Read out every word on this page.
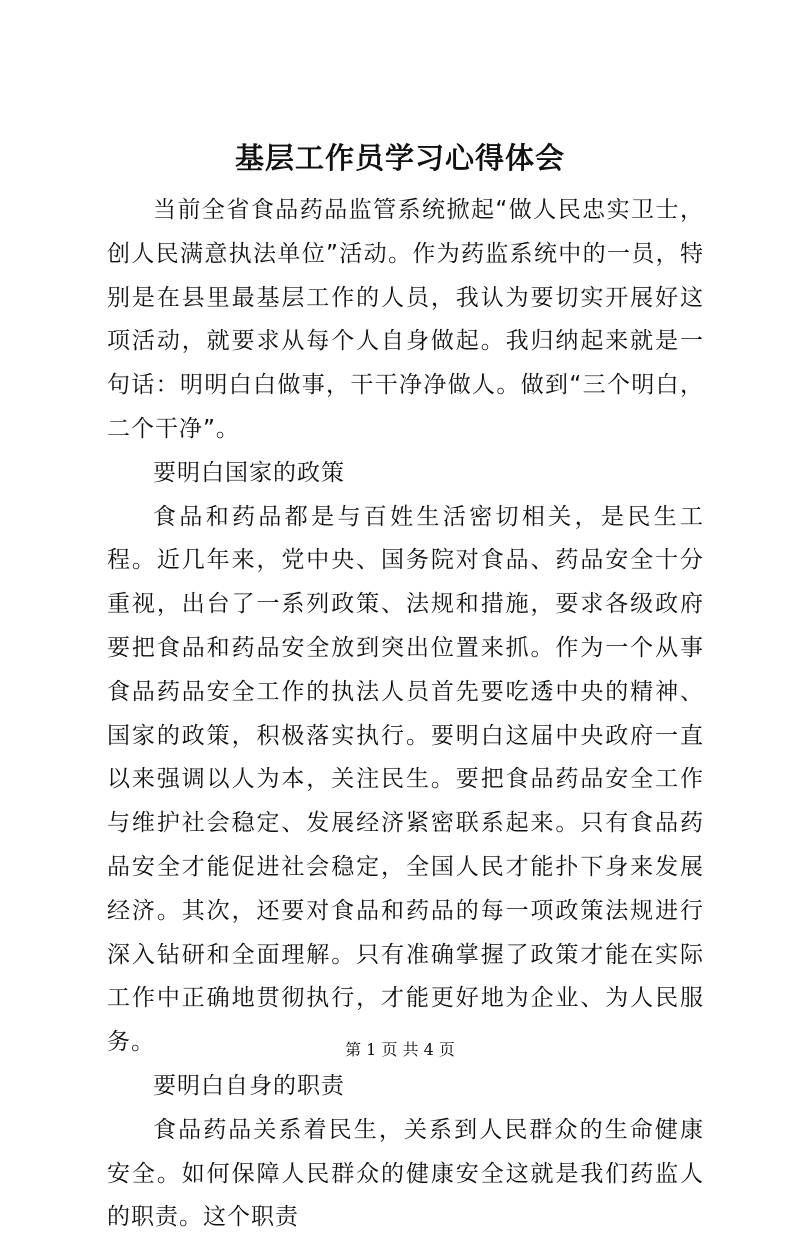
基层工作员学习心得体会

当前全省食品药品监管系统掀起“做人民忠实卫士，创人民满意执法单位”活动。作为药监系统中的一员，特别是在县里最基层工作的人员，我认为要切实开展好这项活动，就要求从每个人自身做起。我归纳起来就是一句话：明明白白做事，干干净净做人。做到“三个明白，二个干净”。

要明白国家的政策

食品和药品都是与百姓生活密切相关，是民生工程。近几年来，党中央、国务院对食品、药品安全十分重视，出台了一系列政策、法规和措施，要求各级政府要把食品和药品安全放到突出位置来抓。作为一个从事食品药品安全工作的执法人员首先要吃透中央的精神、国家的政策，积极落实执行。要明白这届中央政府一直以来强调以人为本，关注民生。要把食品药品安全工作与维护社会稳定、发展经济紧密联系起来。只有食品药品安全才能促进社会稳定，全国人民才能扑下身来发展经济。其次，还要对食品和药品的每一项政策法规进行深入钻研和全面理解。只有准确掌握了政策才能在实际工作中正确地贯彻执行，才能更好地为企业、为人民服务。

要明白自身的职责

食品药品关系着民生，关系到人民群众的生命健康安全。如何保障人民群众的健康安全这就是我们药监人的职责。这个职责

第 1 页 共 4 页
